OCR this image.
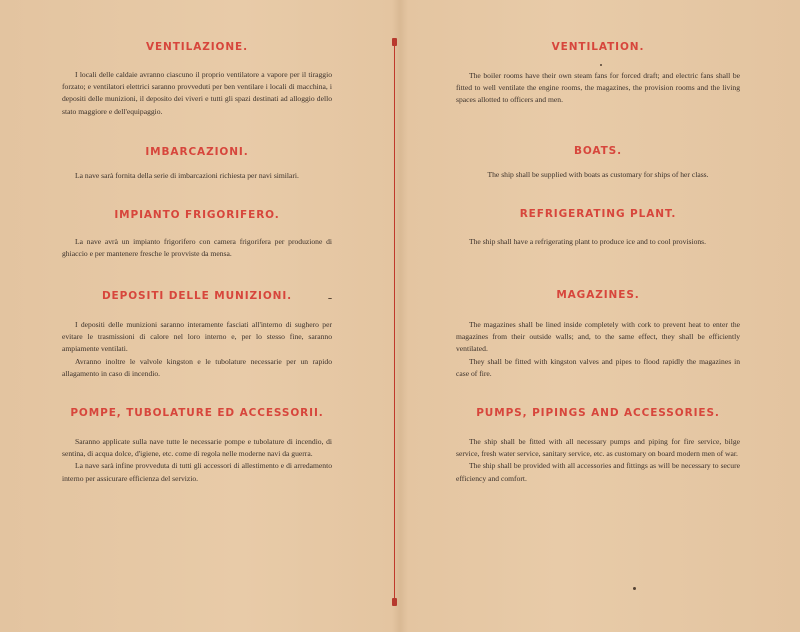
VENTILAZIONE.

I locali delle caldaie avranno ciascuno il proprio ventilatore a vapore per il tiraggio forzato; e ventilatori elettrici saranno provveduti per ben ventilare i locali di macchina, i depositi delle munizioni, il deposito dei viveri e tutti gli spazi destinati ad alloggio dello stato maggiore e dell'equipaggio.

IMBARCAZIONI.

La nave sarà fornita della serie di imbarcazioni richiesta per navi similari.

IMPIANTO FRIGORIFERO.

La nave avrà un impianto frigorifero con camera frigorifera per produzione di ghiaccio e per mantenere fresche le provviste da mensa.

DEPOSITI DELLE MUNIZIONI.

I depositi delle munizioni saranno interamente fasciati all'interno di sughero per evitare le trasmissioni di calore nel loro interno e, per lo stesso fine, saranno ampiamente ventilati.

Avranno inoltre le valvole kingston e le tubolature necessarie per un rapido allagamento in caso di incendio.

POMPE, TUBOLATURE ED ACCESSORII.

Saranno applicate sulla nave tutte le necessarie pompe e tubolature di incendio, di sentina, di acqua dolce, d'igiene, etc. come di regola nelle moderne navi da guerra.

La nave sarà infine provveduta di tutti gli accessori di allestimento e di arredamento interno per assicurare efficienza del servizio.

VENTILATION.

The boiler rooms have their own steam fans for forced draft; and electric fans shall be fitted to well ventilate the engine rooms, the magazines, the provision rooms and the living spaces allotted to officers and men.

BOATS.

The ship shall be supplied with boats as customary for ships of her class.

REFRIGERATING PLANT.

The ship shall have a refrigerating plant to produce ice and to cool provisions.

MAGAZINES.

The magazines shall be lined inside completely with cork to prevent heat to enter the magazines from their outside walls; and, to the same effect, they shall be efficiently ventilated.

They shall be fitted with kingston valves and pipes to flood rapidly the magazines in case of fire.

PUMPS, PIPINGS AND ACCESSORIES.

The ship shall be fitted with all necessary pumps and piping for fire service, bilge service, fresh water service, sanitary service, etc. as customary on board modern men of war.

The ship shall be provided with all accessories and fittings as will be necessary to secure efficiency and comfort.
